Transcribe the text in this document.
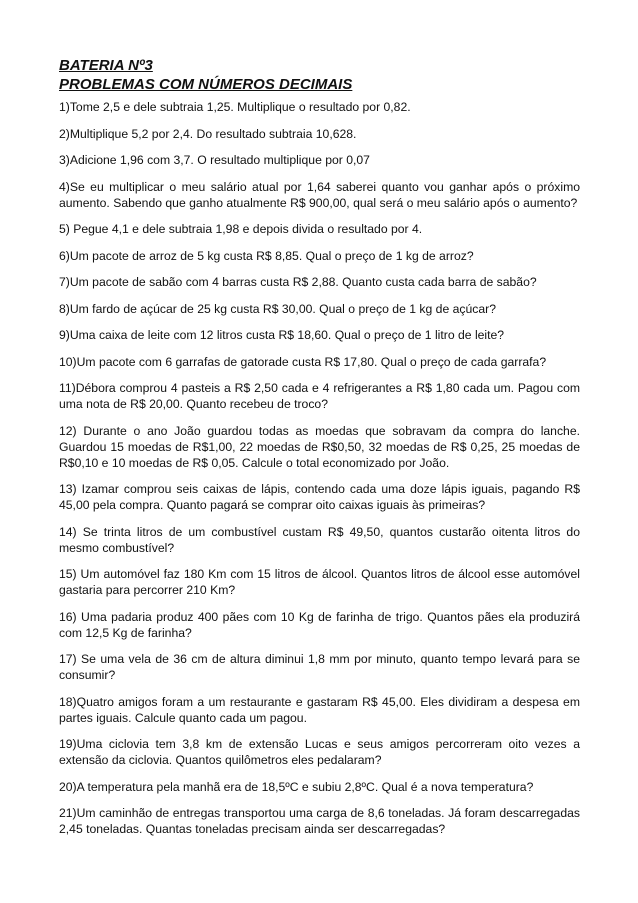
BATERIA Nº3
PROBLEMAS COM NÚMEROS DECIMAIS

1)Tome 2,5 e dele subtraia 1,25. Multiplique o resultado por 0,82.

2)Multiplique 5,2 por 2,4. Do resultado subtraia 10,628.

3)Adicione 1,96 com 3,7. O resultado multiplique por 0,07

4)Se eu multiplicar o meu salário atual por 1,64 saberei quanto vou ganhar após o próximo aumento. Sabendo que ganho atualmente R$ 900,00, qual será o meu salário após o aumento?

5) Pegue 4,1 e dele subtraia 1,98 e depois divida o resultado por 4.

6)Um pacote de arroz de 5 kg custa R$ 8,85. Qual o preço de 1 kg de arroz?

7)Um pacote de sabão com 4 barras custa R$ 2,88. Quanto custa cada barra de sabão?

8)Um fardo de açúcar de 25 kg custa R$ 30,00. Qual o preço de 1 kg de açúcar?

9)Uma caixa de leite com 12 litros custa R$ 18,60. Qual o preço de 1 litro de leite?

10)Um pacote com 6 garrafas de gatorade custa R$ 17,80. Qual o preço de cada garrafa?

11)Débora comprou 4 pasteis a R$ 2,50 cada e 4 refrigerantes a R$ 1,80 cada um. Pagou com uma nota de R$ 20,00. Quanto recebeu de troco?

12) Durante o ano João guardou todas as moedas que sobravam da compra do lanche. Guardou 15 moedas de R$1,00, 22 moedas de R$0,50, 32 moedas de R$ 0,25, 25 moedas de R$0,10 e 10 moedas de R$ 0,05. Calcule o total economizado por João.

13) Izamar comprou seis caixas de lápis, contendo cada uma doze lápis iguais, pagando R$ 45,00 pela compra. Quanto pagará se comprar oito caixas iguais às primeiras?

14) Se trinta litros de um combustível custam R$ 49,50, quantos custarão oitenta litros do mesmo combustível?

15) Um automóvel faz 180 Km com 15 litros de álcool. Quantos litros de álcool esse automóvel gastaria para percorrer 210 Km?

16) Uma padaria produz 400 pães com 10 Kg de farinha de trigo. Quantos pães ela produzirá com 12,5 Kg de farinha?

17) Se uma vela de 36 cm de altura diminui 1,8 mm por minuto, quanto tempo levará para se consumir?

18)Quatro amigos foram a um restaurante e gastaram R$ 45,00. Eles dividiram a despesa em partes iguais. Calcule quanto cada um pagou.

19)Uma ciclovia tem 3,8 km de extensão Lucas e seus amigos percorreram oito vezes a extensão da ciclovia. Quantos quilômetros eles pedalaram?

20)A temperatura pela manhã era de 18,5ºC e subiu 2,8ºC. Qual é a nova temperatura?

21)Um caminhão de entregas transportou uma carga de 8,6 toneladas. Já foram descarregadas 2,45 toneladas. Quantas toneladas precisam ainda ser descarregadas?
